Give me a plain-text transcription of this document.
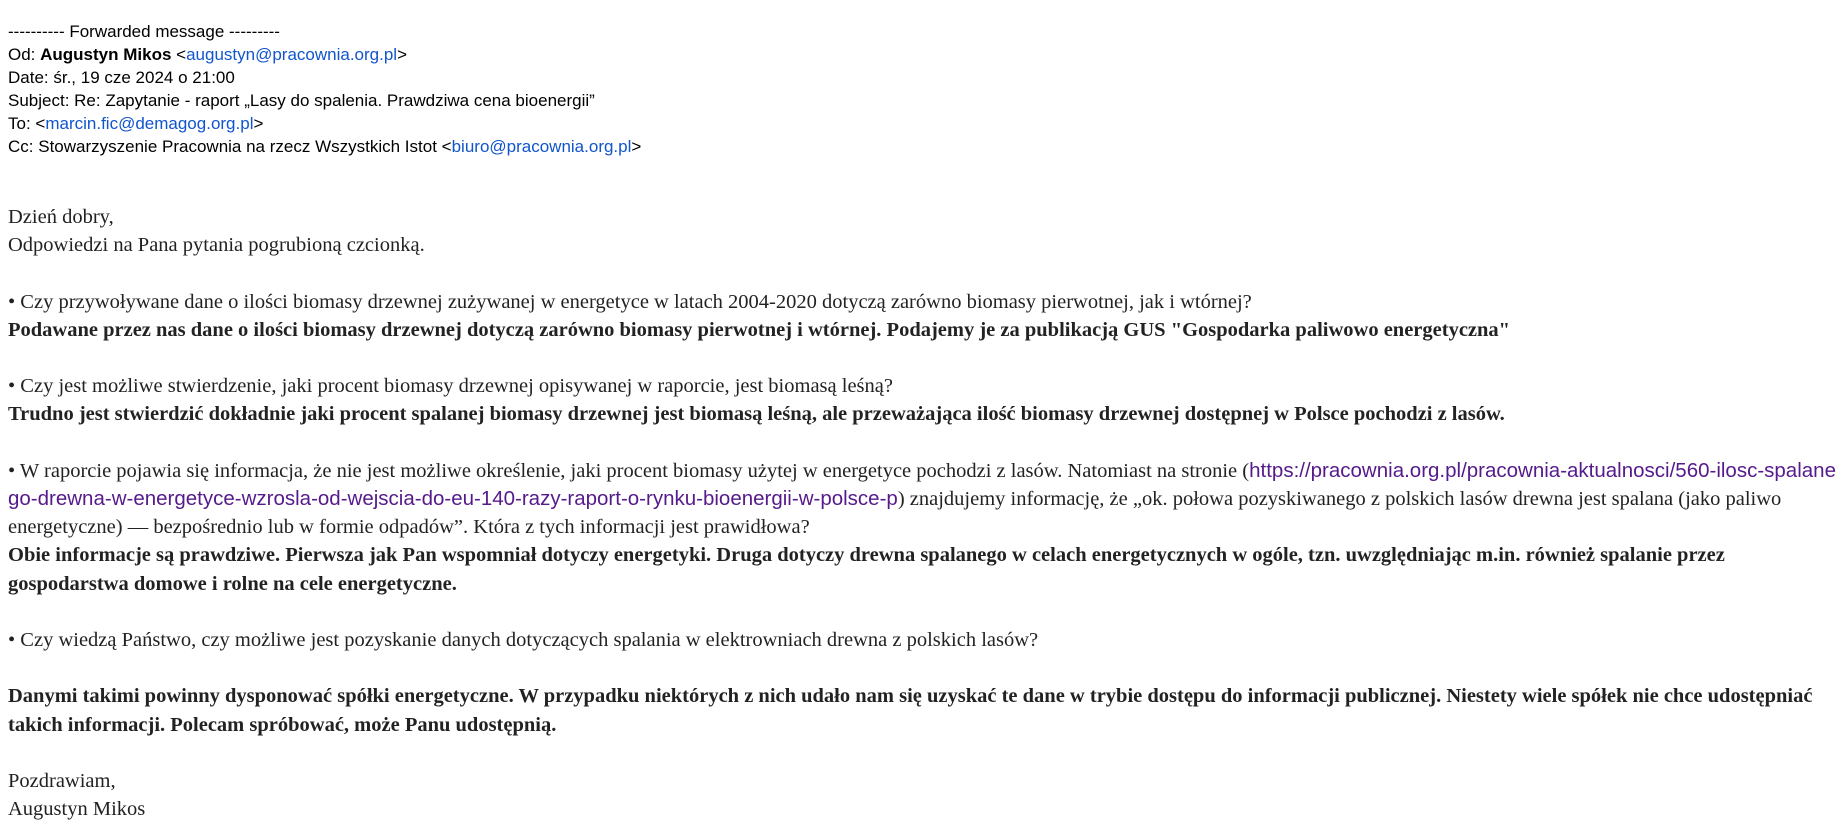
---------- Forwarded message ---------
Od: Augustyn Mikos <augustyn@pracownia.org.pl>
Date: śr., 19 cze 2024 o 21:00
Subject: Re: Zapytanie - raport „Lasy do spalenia. Prawdziwa cena bioenergii”
To: <marcin.fic@demagog.org.pl>
Cc: Stowarzyszenie Pracownia na rzecz Wszystkich Istot <biuro@pracownia.org.pl>

Dzień dobry,

Odpowiedzi na Pana pytania pogrubioną czcionką.

• Czy przywoływane dane o ilości biomasy drzewnej zużywanej w energetyce w latach 2004-2020 dotyczą zarówno biomasy pierwotnej, jak i wtórnej?

Podawane przez nas dane o ilości biomasy drzewnej dotyczą zarówno biomasy pierwotnej i wtórnej. Podajemy je za publikacją GUS "Gospodarka paliwowo energetyczna"

• Czy jest możliwe stwierdzenie, jaki procent biomasy drzewnej opisywanej w raporcie, jest biomasą leśną?

Trudno jest stwierdzić dokładnie jaki procent spalanej biomasy drzewnej jest biomasą leśną, ale przeważająca ilość biomasy drzewnej dostępnej w Polsce pochodzi z lasów.

• W raporcie pojawia się informacja, że nie jest możliwe określenie, jaki procent biomasy użytej w energetyce pochodzi z lasów. Natomiast na stronie (https://pracownia.org.pl/pracownia-aktualnosci/560-ilosc-spalanego-drewna-w-energetyce-wzrosla-od-wejscia-do-eu-140-razy-raport-o-rynku-bioenergii-w-polsce-p) znajdujemy informację, że „ok. połowa pozyskiwanego z polskich lasów drewna jest spalana (jako paliwo energetyczne) — bezpośrednio lub w formie odpadów”. Która z tych informacji jest prawidłowa?

Obie informacje są prawdziwe. Pierwsza jak Pan wspomniał dotyczy energetyki. Druga dotyczy drewna spalanego w celach energetycznych w ogóle, tzn. uwzględniając m.in. również spalanie przez gospodarstwa domowe i rolne na cele energetyczne.

• Czy wiedzą Państwo, czy możliwe jest pozyskanie danych dotyczących spalania w elektrowniach drewna z polskich lasów?

Danymi takimi powinny dysponować spółki energetyczne. W przypadku niektórych z nich udało nam się uzyskać te dane w trybie dostępu do informacji publicznej. Niestety wiele spółek nie chce udostępniać takich informacji. Polecam spróbować, może Panu udostępnią.

Pozdrawiam,

Augustyn Mikos
